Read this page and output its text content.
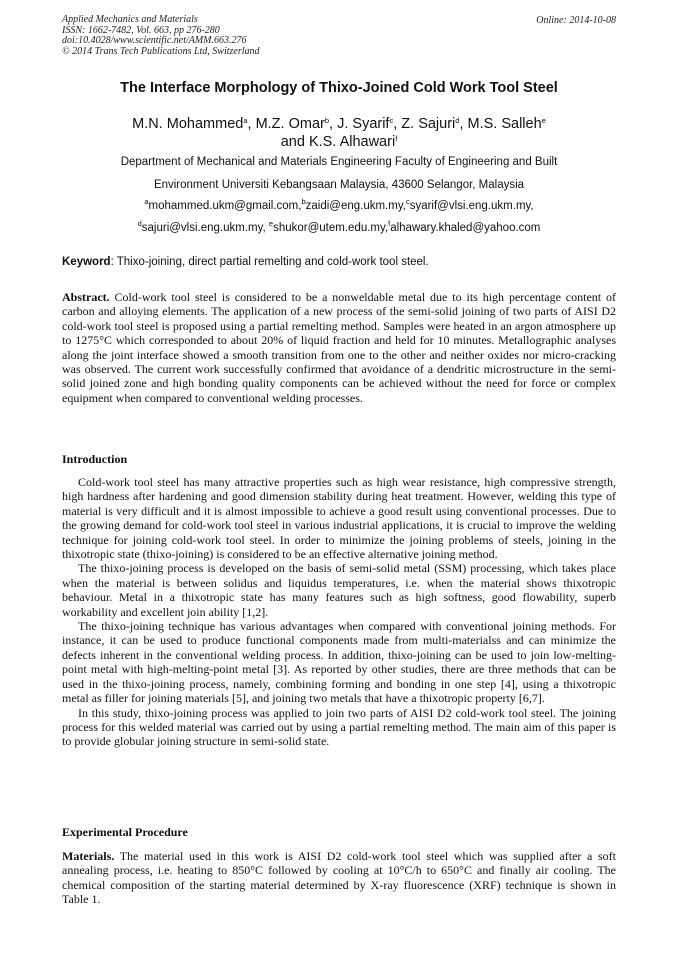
Applied Mechanics and Materials
ISSN: 1662-7482, Vol. 663, pp 276-280
doi:10.4028/www.scientific.net/AMM.663.276
© 2014 Trans Tech Publications Ltd, Switzerland
Online: 2014-10-08
The Interface Morphology of Thixo-Joined Cold Work Tool Steel
M.N. Mohammed$^a$, M.Z. Omar$^b$, J. Syarif$^c$, Z. Sajuri$^d$, M.S. Salleh$^e$
and K.S. Alhawari$^f$
Department of Mechanical and Materials Engineering Faculty of Engineering and Built
Environment Universiti Kebangsaan Malaysia, 43600 Selangor, Malaysia
$^a$mohammed.ukm@gmail.com,$^b$zaidi@eng.ukm.my,$^c$syarif@vlsi.eng.ukm.my,
$^d$sajuri@vlsi.eng.ukm.my, $^e$shukor@utem.edu.my,$^f$alhawary.khaled@yahoo.com
Keyword: Thixo-joining, direct partial remelting and cold-work tool steel.
Abstract. Cold-work tool steel is considered to be a nonweldable metal due to its high percentage content of carbon and alloying elements. The application of a new process of the semi-solid joining of two parts of AISI D2 cold-work tool steel is proposed using a partial remelting method. Samples were heated in an argon atmosphere up to 1275°C which corresponded to about 20% of liquid fraction and held for 10 minutes. Metallographic analyses along the joint interface showed a smooth transition from one to the other and neither oxides nor micro-cracking was observed. The current work successfully confirmed that avoidance of a dendritic microstructure in the semi-solid joined zone and high bonding quality components can be achieved without the need for force or complex equipment when compared to conventional welding processes.
Introduction

Cold-work tool steel has many attractive properties such as high wear resistance, high compressive strength, high hardness after hardening and good dimension stability during heat treatment. However, welding this type of material is very difficult and it is almost impossible to achieve a good result using conventional processes. Due to the growing demand for cold-work tool steel in various industrial applications, it is crucial to improve the welding technique for joining cold-work tool steel. In order to minimize the joining problems of steels, joining in the thixotropic state (thixo-joining) is considered to be an effective alternative joining method.

The thixo-joining process is developed on the basis of semi-solid metal (SSM) processing, which takes place when the material is between solidus and liquidus temperatures, i.e. when the material shows thixotropic behaviour. Metal in a thixotropic state has many features such as high softness, good flowability, superb workability and excellent join ability [1,2].

The thixo-joining technique has various advantages when compared with conventional joining methods. For instance, it can be used to produce functional components made from multi-materialss and can minimize the defects inherent in the conventional welding process. In addition, thixo-joining can be used to join low-melting-point metal with high-melting-point metal [3]. As reported by other studies, there are three methods that can be used in the thixo-joining process, namely, combining forming and bonding in one step [4], using a thixotropic metal as filler for joining materials [5], and joining two metals that have a thixotropic property [6,7].

In this study, thixo-joining process was applied to join two parts of AISI D2 cold-work tool steel. The joining process for this welded material was carried out by using a partial remelting method. The main aim of this paper is to provide globular joining structure in semi-solid state.

Experimental Procedure
Materials. The material used in this work is AISI D2 cold-work tool steel which was supplied after a soft annealing process, i.e. heating to 850°C followed by cooling at 10°C/h to 650°C and finally air cooling. The chemical composition of the starting material determined by X-ray fluorescence (XRF) technique is shown in Table 1.
